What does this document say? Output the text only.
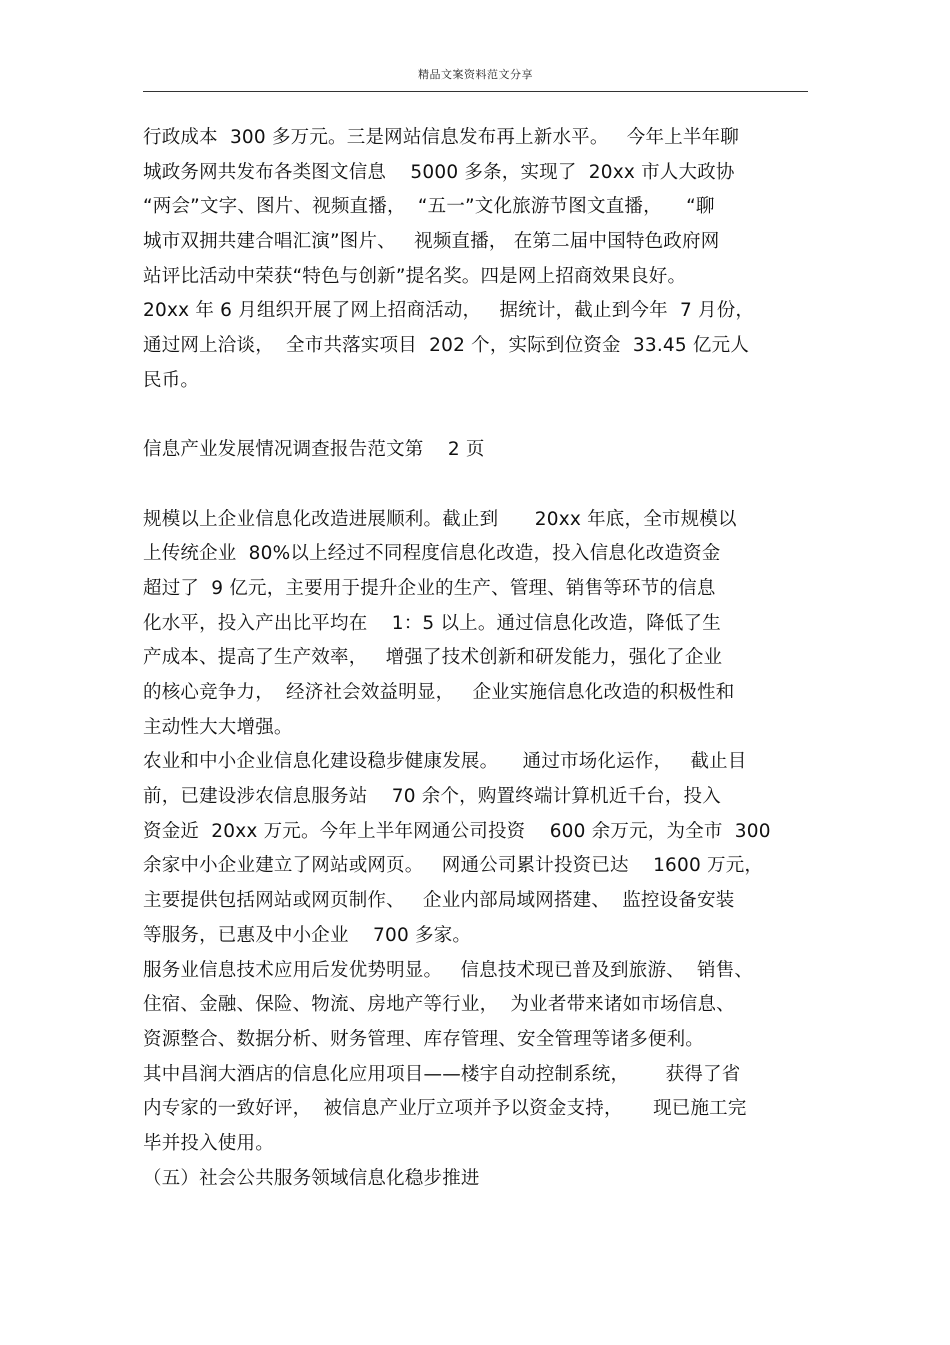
精品文案资料范文分享
行政成本  300 多万元。三是网站信息发布再上新水平。   今年上半年聊
城政务网共发布各类图文信息    5000 多条，实现了  20xx 市人大政协
“两会”文字、图片、视频直播，  “五一”文化旅游节图文直播，    “聊
城市双拥共建合唱汇演”图片、   视频直播， 在第二届中国特色政府网
站评比活动中荣获“特色与创新”提名奖。四是网上招商效果良好。
20xx 年 6 月组织开展了网上招商活动，   据统计，截止到今年  7 月份，
通过网上洽谈，  全市共落实项目  202 个，实际到位资金  33.45 亿元人
民币。
信息产业发展情况调查报告范文第    2 页
规模以上企业信息化改造进展顺利。截止到      20xx 年底，全市规模以
上传统企业  80%以上经过不同程度信息化改造，投入信息化改造资金
超过了  9 亿元，主要用于提升企业的生产、管理、销售等环节的信息
化水平，投入产出比平均在    1：5 以上。通过信息化改造，降低了生
产成本、提高了生产效率，   增强了技术创新和研发能力，强化了企业
的核心竞争力，  经济社会效益明显，   企业实施信息化改造的积极性和
主动性大大增强。
农业和中小企业信息化建设稳步健康发展。    通过市场化运作，   截止目
前，已建设涉农信息服务站    70 余个，购置终端计算机近千台，投入
资金近  20xx 万元。今年上半年网通公司投资    600 余万元，为全市  300
余家中小企业建立了网站或网页。   网通公司累计投资已达    1600 万元，
主要提供包括网站或网页制作、   企业内部局域网搭建、  监控设备安装
等服务，已惠及中小企业    700 多家。
服务业信息技术应用后发优势明显。   信息技术现已普及到旅游、  销售、
住宿、金融、保险、物流、房地产等行业，  为业者带来诸如市场信息、
资源整合、数据分析、财务管理、库存管理、安全管理等诸多便利。
其中昌润大酒店的信息化应用项目——楼宇自动控制系统，      获得了省
内专家的一致好评，  被信息产业厅立项并予以资金支持，     现已施工完
毕并投入使用。
（五）社会公共服务领域信息化稳步推进
